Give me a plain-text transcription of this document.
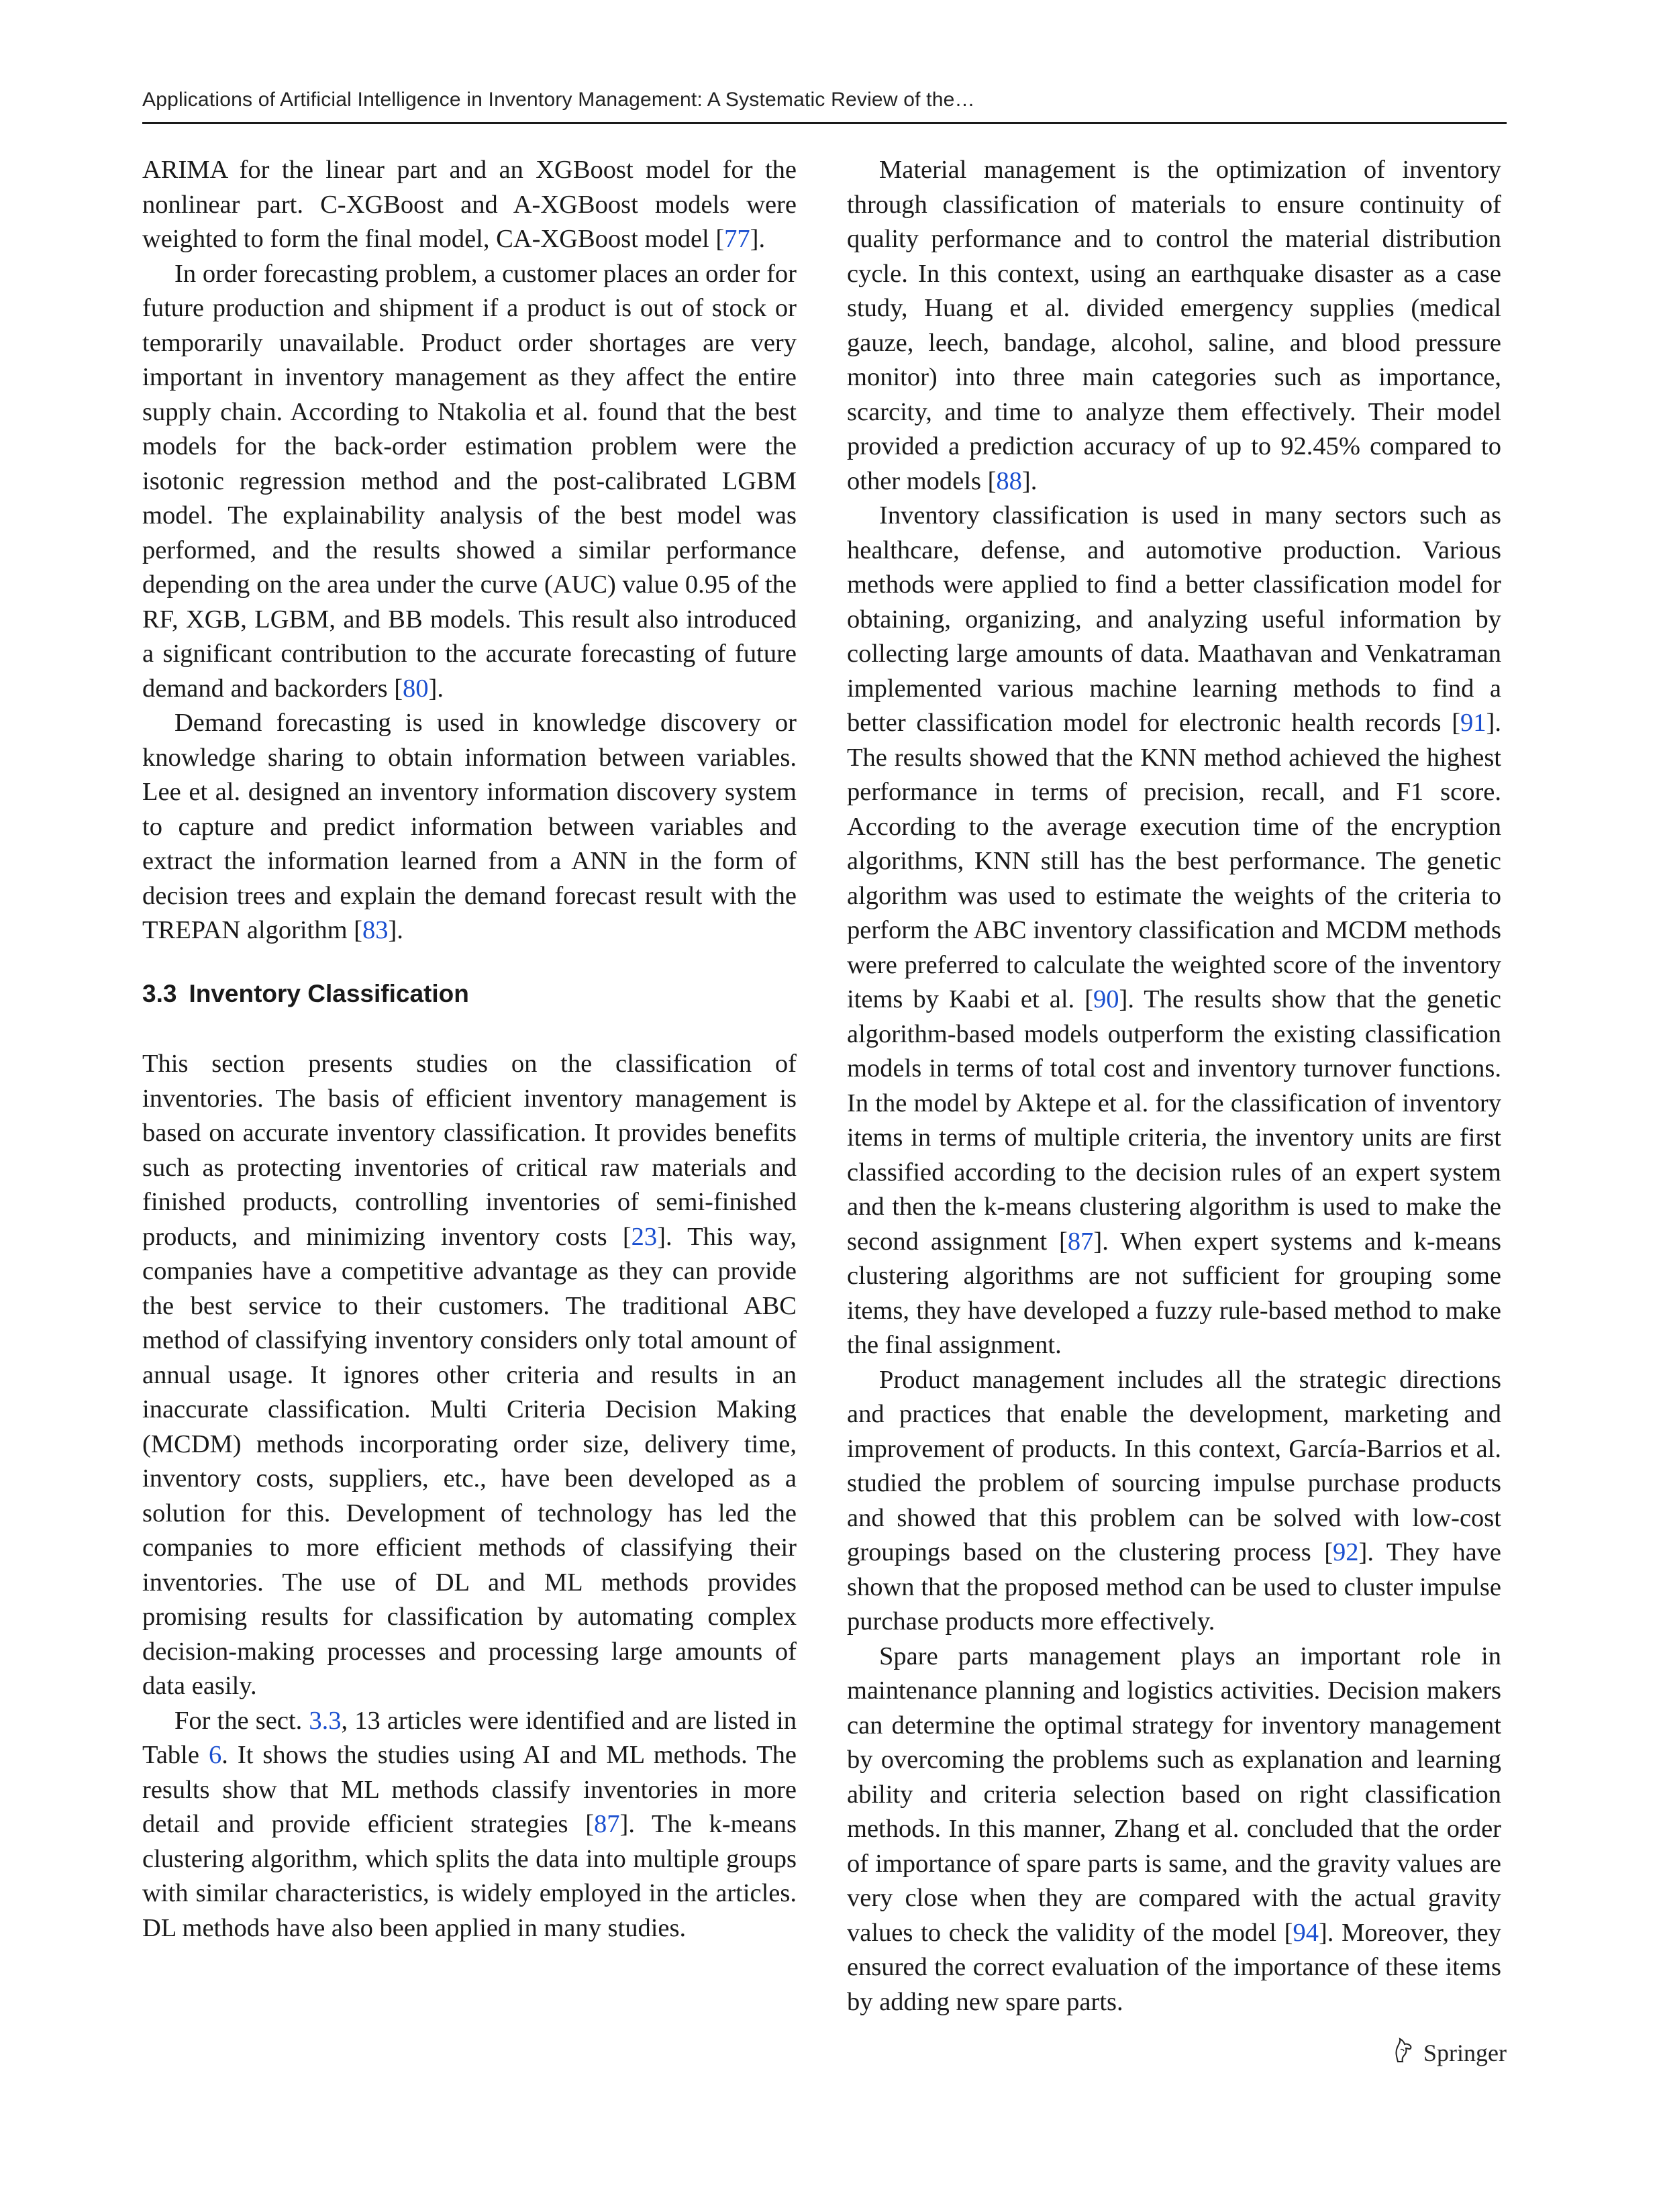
Applications of Artificial Intelligence in Inventory Management: A Systematic Review of the…

ARIMA for the linear part and an XGBoost model for the nonlinear part. C-XGBoost and A-XGBoost models were weighted to form the final model, CA-XGBoost model [77].

In order forecasting problem, a customer places an order for future production and shipment if a product is out of stock or temporarily unavailable. Product order shortages are very important in inventory management as they affect the entire supply chain. According to Ntakolia et al. found that the best models for the back-order estimation problem were the isotonic regression method and the post-calibrated LGBM model. The explainability analysis of the best model was performed, and the results showed a similar performance depending on the area under the curve (AUC) value 0.95 of the RF, XGB, LGBM, and BB models. This result also introduced a significant contribution to the accurate forecasting of future demand and backorders [80].

Demand forecasting is used in knowledge discovery or knowledge sharing to obtain information between variables. Lee et al. designed an inventory information discovery system to capture and predict information between variables and extract the information learned from a ANN in the form of decision trees and explain the demand forecast result with the TREPAN algorithm [83].

3.3 Inventory Classification

This section presents studies on the classification of inventories. The basis of efficient inventory management is based on accurate inventory classification. It provides benefits such as protecting inventories of critical raw materials and finished products, controlling inventories of semi-finished products, and minimizing inventory costs [23]. This way, companies have a competitive advantage as they can provide the best service to their customers. The traditional ABC method of classifying inventory considers only total amount of annual usage. It ignores other criteria and results in an inaccurate classification. Multi Criteria Decision Making (MCDM) methods incorporating order size, delivery time, inventory costs, suppliers, etc., have been developed as a solution for this. Development of technology has led the companies to more efficient methods of classifying their inventories. The use of DL and ML methods provides promising results for classification by automating complex decision-making processes and processing large amounts of data easily.

For the sect. 3.3, 13 articles were identified and are listed in Table 6. It shows the studies using AI and ML methods. The results show that ML methods classify inventories in more detail and provide efficient strategies [87]. The k-means clustering algorithm, which splits the data into multiple groups with similar characteristics, is widely employed in the articles. DL methods have also been applied in many studies.

Material management is the optimization of inventory through classification of materials to ensure continuity of quality performance and to control the material distribution cycle. In this context, using an earthquake disaster as a case study, Huang et al. divided emergency supplies (medical gauze, leech, bandage, alcohol, saline, and blood pressure monitor) into three main categories such as importance, scarcity, and time to analyze them effectively. Their model provided a prediction accuracy of up to 92.45% compared to other models [88].

Inventory classification is used in many sectors such as healthcare, defense, and automotive production. Various methods were applied to find a better classification model for obtaining, organizing, and analyzing useful information by collecting large amounts of data. Maathavan and Venkatraman implemented various machine learning methods to find a better classification model for electronic health records [91]. The results showed that the KNN method achieved the highest performance in terms of precision, recall, and F1 score. According to the average execution time of the encryption algorithms, KNN still has the best performance. The genetic algorithm was used to estimate the weights of the criteria to perform the ABC inventory classification and MCDM methods were preferred to calculate the weighted score of the inventory items by Kaabi et al. [90]. The results show that the genetic algorithm-based models outperform the existing classification models in terms of total cost and inventory turnover functions. In the model by Aktepe et al. for the classification of inventory items in terms of multiple criteria, the inventory units are first classified according to the decision rules of an expert system and then the k-means clustering algorithm is used to make the second assignment [87]. When expert systems and k-means clustering algorithms are not sufficient for grouping some items, they have developed a fuzzy rule-based method to make the final assignment.

Product management includes all the strategic directions and practices that enable the development, marketing and improvement of products. In this context, García-Barrios et al. studied the problem of sourcing impulse purchase products and showed that this problem can be solved with low-cost groupings based on the clustering process [92]. They have shown that the proposed method can be used to cluster impulse purchase products more effectively.

Spare parts management plays an important role in maintenance planning and logistics activities. Decision makers can determine the optimal strategy for inventory management by overcoming the problems such as explanation and learning ability and criteria selection based on right classification methods. In this manner, Zhang et al. concluded that the order of importance of spare parts is same, and the gravity values are very close when they are compared with the actual gravity values to check the validity of the model [94]. Moreover, they ensured the correct evaluation of the importance of these items by adding new spare parts.

Springer
